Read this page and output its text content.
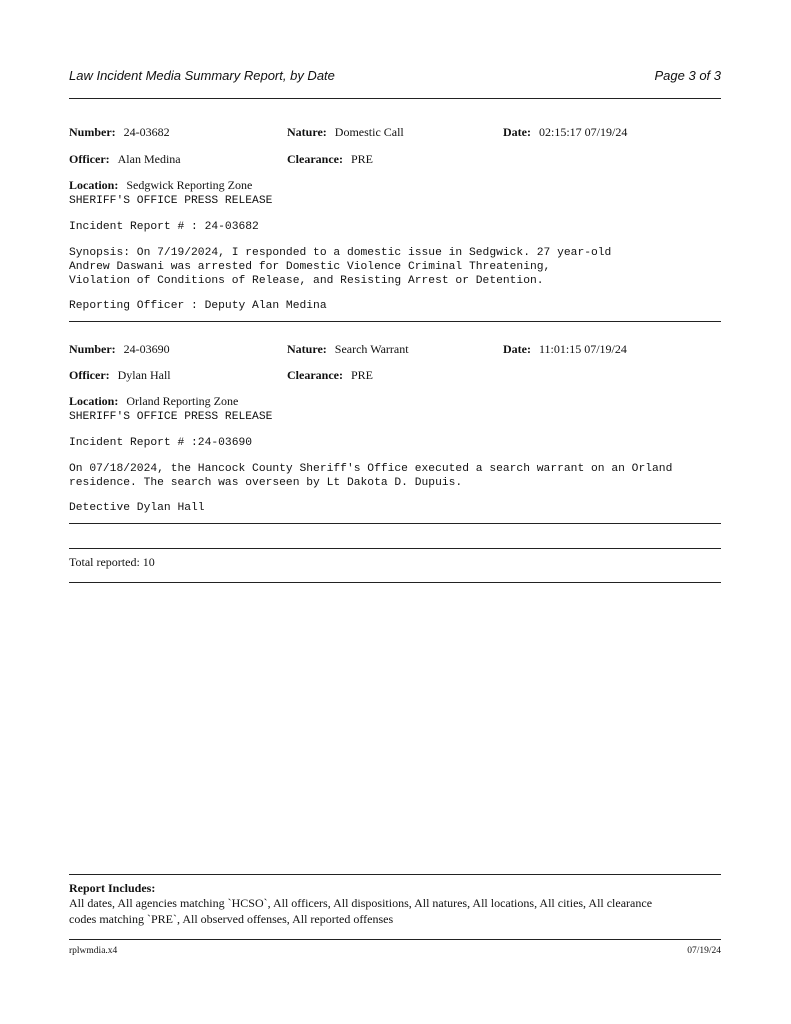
Law Incident Media Summary Report, by Date	Page 3 of 3
Number: 24-03682	Nature: Domestic Call	Date: 02:15:17 07/19/24
Officer: Alan Medina	Clearance: PRE
Location: Sedgwick Reporting Zone
SHERIFF'S OFFICE PRESS RELEASE
Incident Report # : 24-03682
Synopsis: On 7/19/2024, I responded to a domestic issue in Sedgwick. 27 year-old
Andrew Daswani was arrested for Domestic Violence Criminal Threatening,
Violation of Conditions of Release, and Resisting Arrest or Detention.
Reporting Officer : Deputy Alan Medina
Number: 24-03690	Nature: Search Warrant	Date: 11:01:15 07/19/24
Officer: Dylan Hall	Clearance: PRE
Location: Orland Reporting Zone
SHERIFF'S OFFICE PRESS RELEASE
Incident Report # :24-03690
On 07/18/2024, the Hancock County Sheriff's Office executed a search warrant on an Orland
residence. The search was overseen by Lt Dakota D. Dupuis.
Detective Dylan Hall
Total reported: 10
Report Includes:
All dates, All agencies matching `HCSO`, All officers, All dispositions, All natures, All locations, All cities, All clearance
codes matching `PRE`, All observed offenses, All reported offenses
rplwmdia.x4	07/19/24
